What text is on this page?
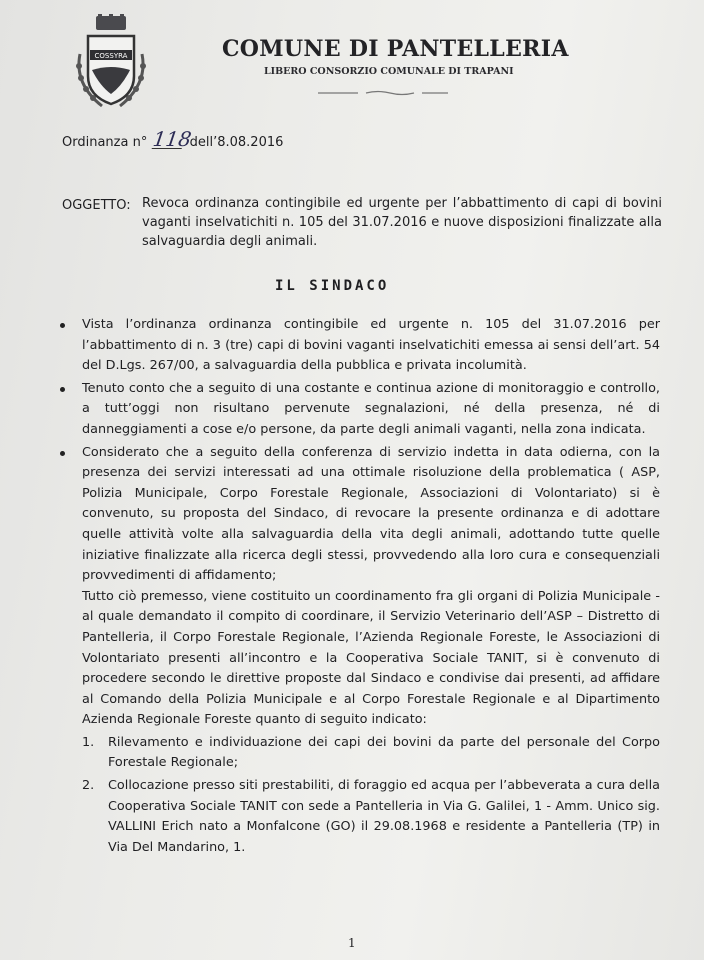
COSSYRA	COMUNE DI PANTELLERIA
LIBERO CONSORZIO COMUNALE DI TRAPANI
Ordinanza n° 118 dell’8.08.2016
OGGETTO: Revoca ordinanza contingibile ed urgente per l’abbattimento di capi di bovini vaganti inselvatichiti n. 105 del 31.07.2016 e nuove disposizioni finalizzate alla salvaguardia degli animali.
IL SINDACO

Vista l’ordinanza ordinanza contingibile ed urgente n. 105 del 31.07.2016 per l’abbattimento di n. 3 (tre) capi di bovini vaganti inselvatichiti emessa ai sensi dell’art. 54 del D.Lgs. 267/00, a salvaguardia della pubblica e privata incolumità.

Tenuto conto che a seguito di una costante e continua azione di monitoraggio e controllo, a tutt’oggi non risultano pervenute segnalazioni, né della presenza, né di danneggiamenti a cose e/o persone, da parte degli animali vaganti, nella zona indicata.

Considerato che a seguito della conferenza di servizio indetta in data odierna, con la presenza dei servizi interessati ad una ottimale risoluzione della problematica ( ASP, Polizia Municipale, Corpo Forestale Regionale, Associazioni di Volontariato) si è convenuto, su proposta del Sindaco, di revocare la presente ordinanza e di adottare quelle attività volte alla salvaguardia della vita degli animali, adottando tutte quelle iniziative finalizzate alla ricerca degli stessi, provvedendo alla loro cura e consequenziali provvedimenti di affidamento;

Tutto ciò premesso, viene costituito un coordinamento fra gli organi di Polizia Municipale - al quale demandato il compito di coordinare, il Servizio Veterinario dell’ASP – Distretto di Pantelleria, il Corpo Forestale Regionale, l’Azienda Regionale Foreste, le Associazioni di Volontariato presenti all’incontro e la Cooperativa Sociale TANIT, si è convenuto di procedere secondo le direttive proposte dal Sindaco e condivise dai presenti, ad affidare al Comando della Polizia Municipale e al Corpo Forestale Regionale e al Dipartimento Azienda Regionale Foreste quanto di seguito indicato:

1. Rilevamento e individuazione dei capi dei bovini da parte del personale del Corpo Forestale Regionale;
2. Collocazione presso siti prestabiliti, di foraggio ed acqua per l’abbeverata a cura della Cooperativa Sociale TANIT con sede a Pantelleria in Via G. Galilei, 1 - Amm. Unico sig. VALLINI Erich nato a Monfalcone (GO) il 29.08.1968 e residente a Pantelleria (TP) in Via Del Mandarino, 1.
1
